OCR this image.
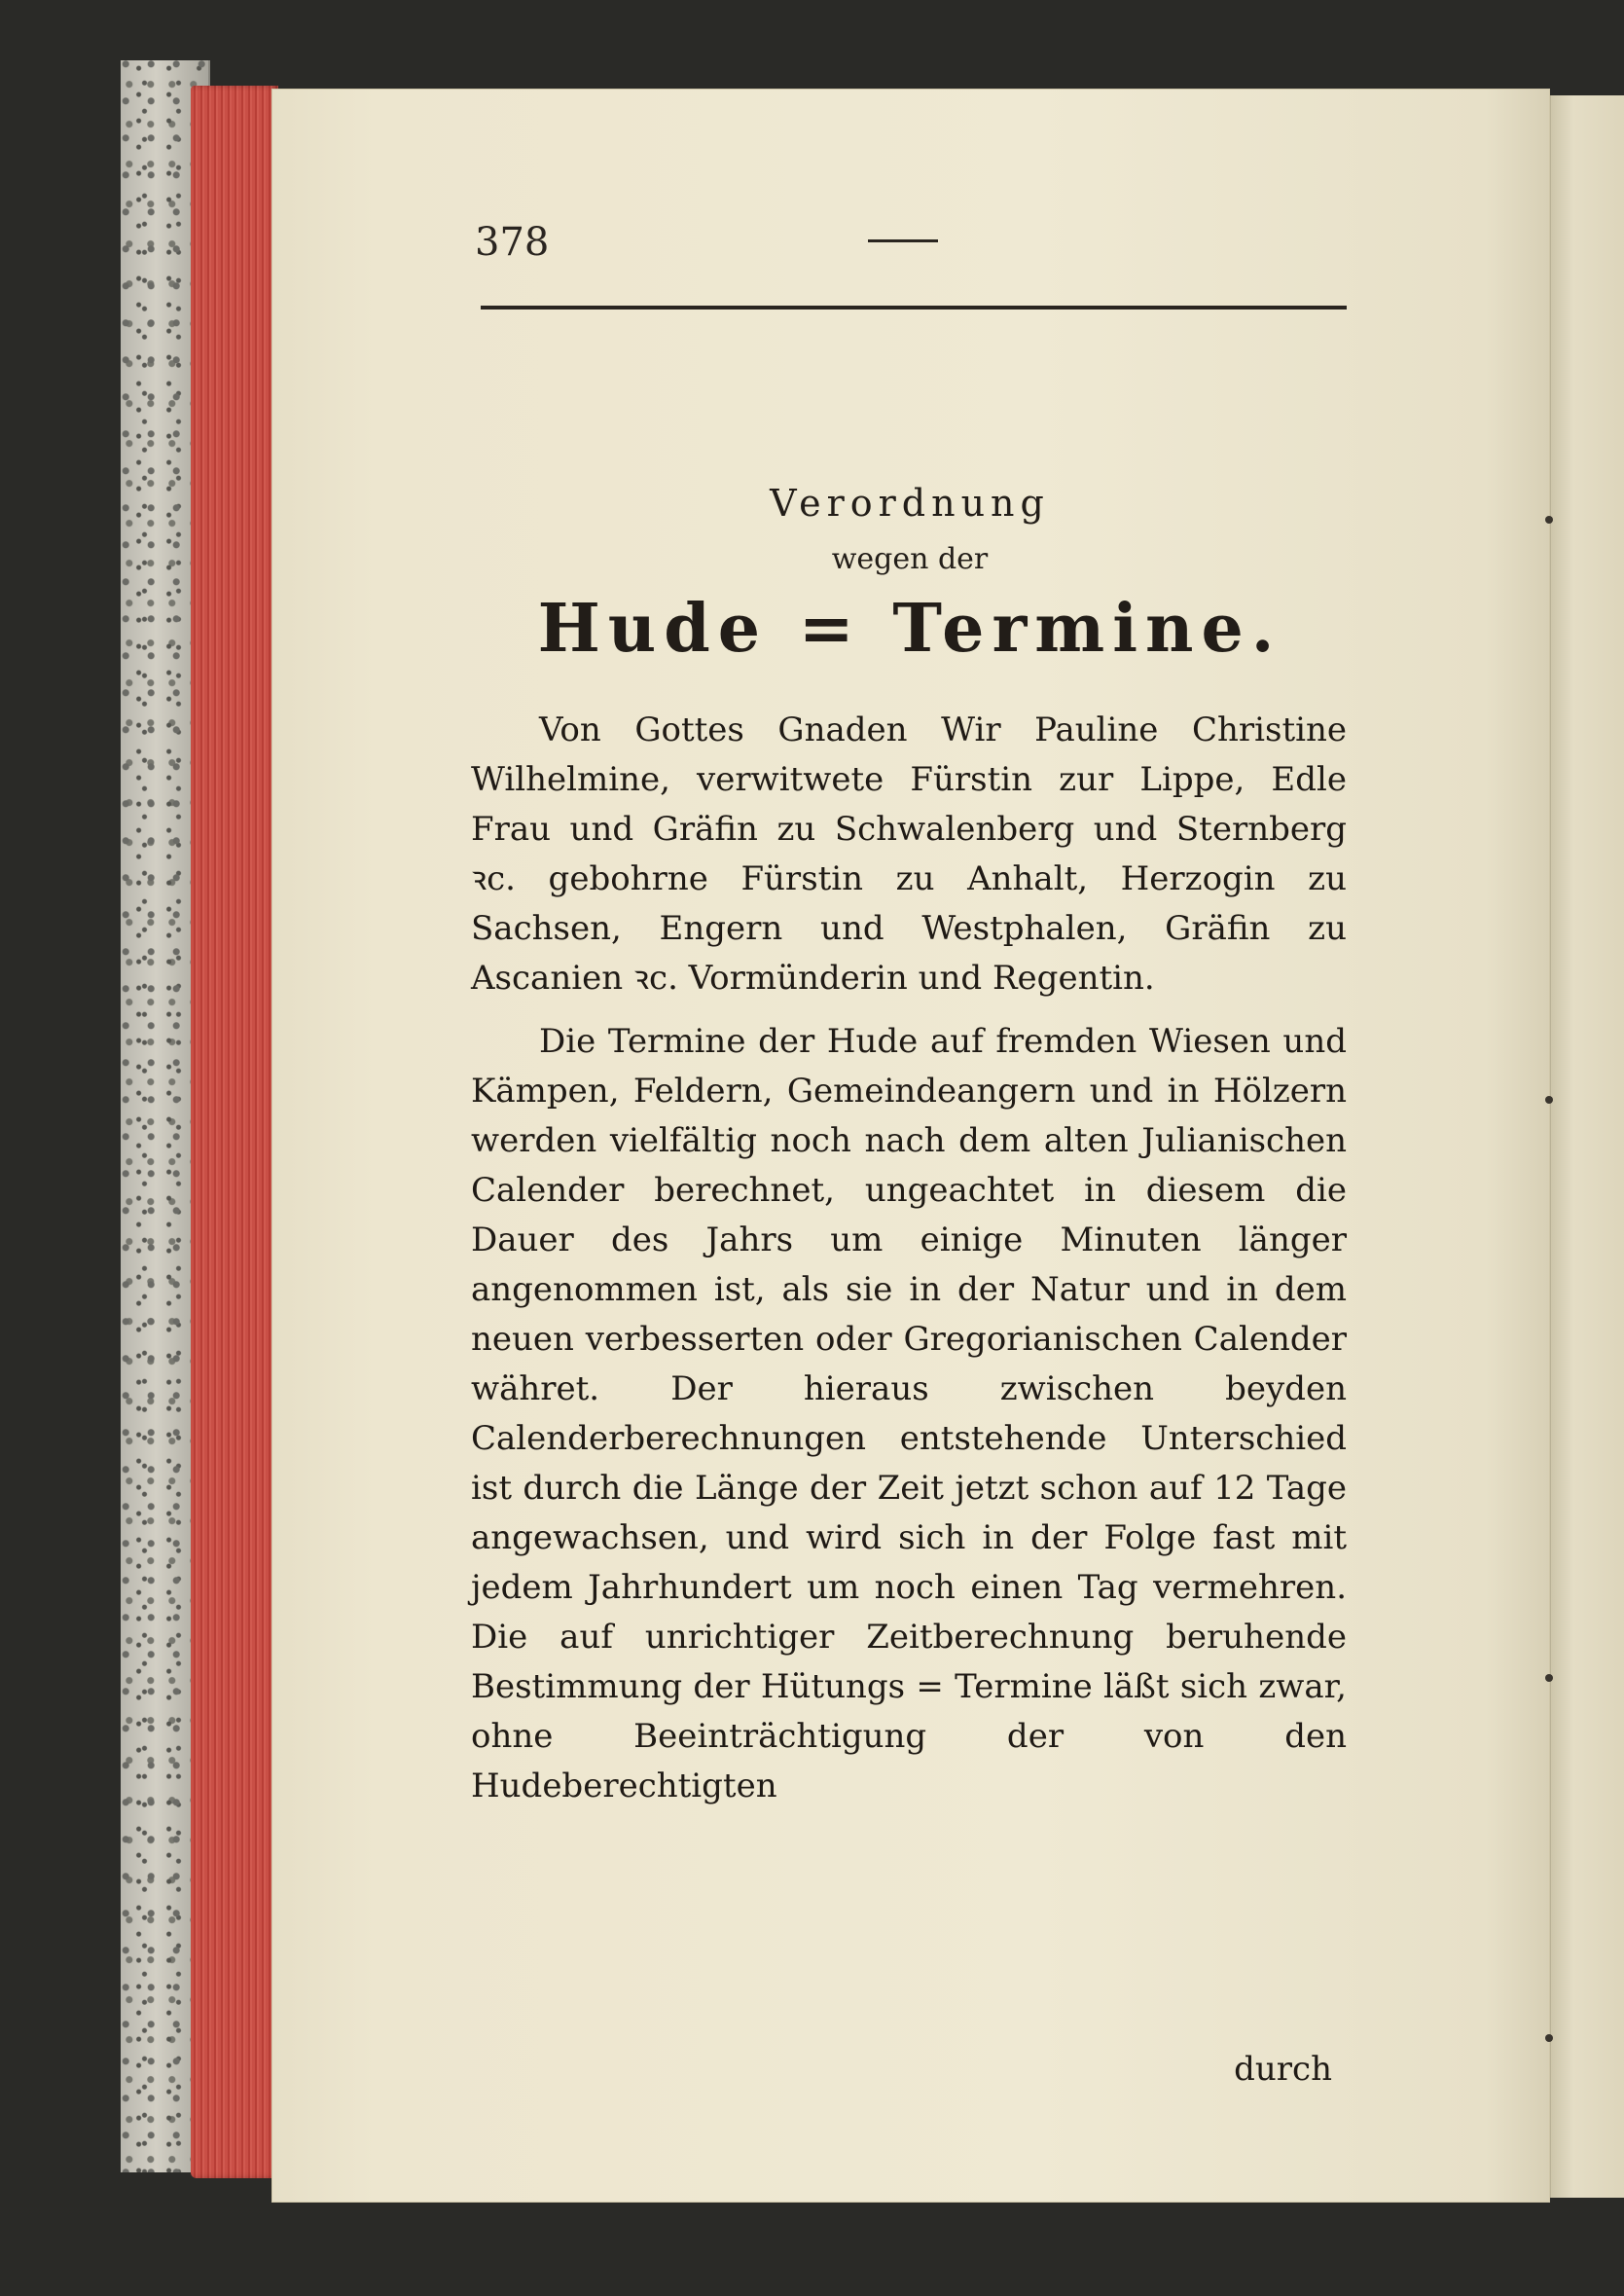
378

Verordnung

wegen der

Hude = Termine.

Von Gottes Gnaden Wir Pauline Christine Wilhelmine, verwitwete Fürstin zur Lippe, Edle Frau und Gräfin zu Schwalenberg und Sternberg ꝛc. gebohrne Fürstin zu Anhalt, Herzogin zu Sachsen, Engern und Westphalen, Gräfin zu Ascanien ꝛc. Vormünderin und Regentin.

Die Termine der Hude auf fremden Wiesen und Kämpen, Feldern, Gemeindeangern und in Hölzern werden vielfältig noch nach dem alten Julianischen Calender berechnet, ungeachtet in diesem die Dauer des Jahrs um einige Minuten länger angenommen ist, als sie in der Natur und in dem neuen verbesserten oder Gregorianischen Calender währet. Der hieraus zwischen beyden Calenderberechnungen entstehende Unterschied ist durch die Länge der Zeit jetzt schon auf 12 Tage angewachsen, und wird sich in der Folge fast mit jedem Jahrhundert um noch einen Tag vermehren. Die auf unrichtiger Zeitberechnung beruhende Bestimmung der Hütungs = Termine läßt sich zwar, ohne Beeinträchtigung der von den Hudeberechtigten

durch
